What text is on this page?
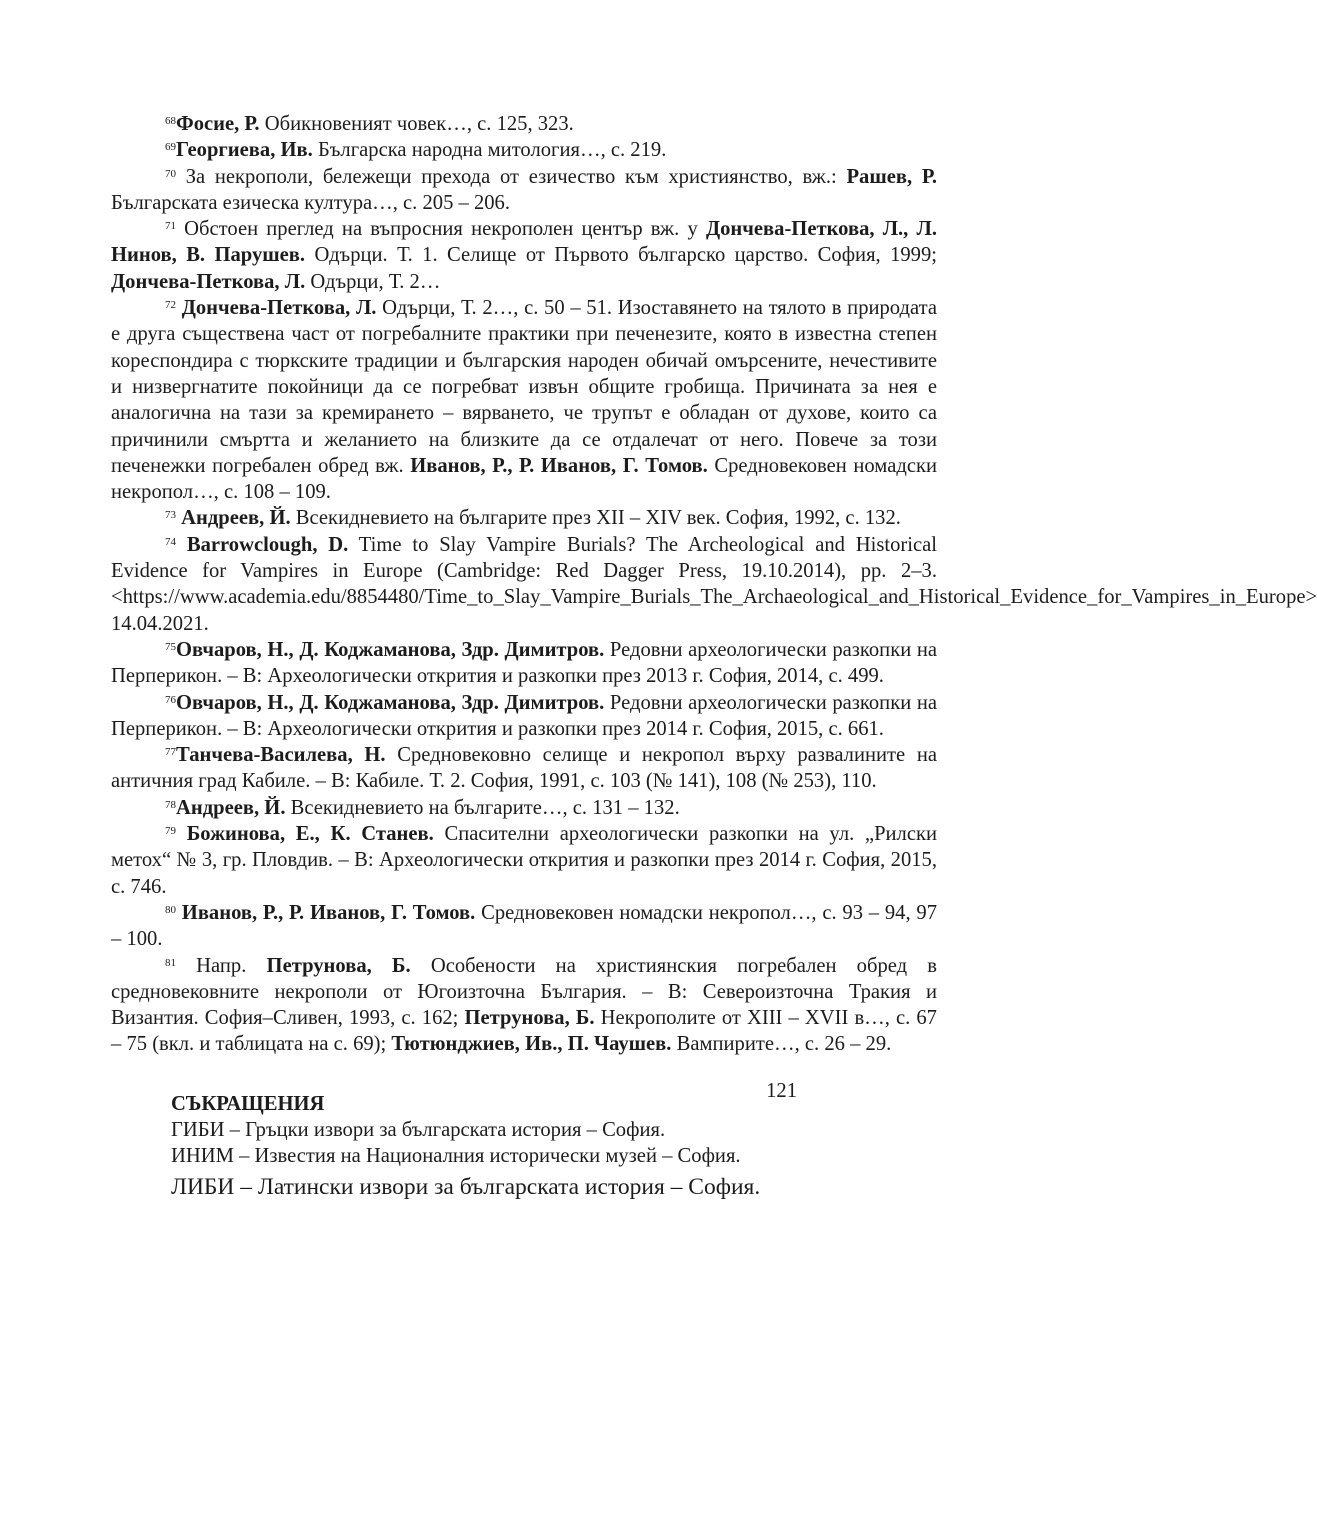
$^{68}$Фосие, Р. Обикновеният човек…, с. 125, 323.

$^{69}$Георгиева, Ив. Българска народна митология…, с. 219.

$^{70}$ За некрополи, бележещи прехода от езичество към християнство, вж.: Рашев, Р. Българската езическа култура…, с. 205 – 206.

$^{71}$ Обстоен преглед на въпросния некрополен център вж. у Дончева-Петкова, Л., Л. Нинов, В. Парушев. Одърци. Т. 1. Селище от Първото българско царство. София, 1999; Дончева-Петкова, Л. Одърци, Т. 2…

$^{72}$ Дончева-Петкова, Л. Одърци, Т. 2…, с. 50 – 51. Изоставянето на тялото в природата е друга съществена част от погребалните практики при печенезите, която в известна степен кореспондира с тюркските традиции и българския народен обичай омърсените, нечестивите и низвергнатите покойници да се погребват извън общите гробища. Причината за нея е аналогична на тази за кремирането – вярването, че трупът е обладан от духове, които са причинили смъртта и желанието на близките да се отдалечат от него. Повече за този печенежки погребален обред вж. Иванов, Р., Р. Иванов, Г. Томов. Средновековен номадски некропол…, с. 108 – 109.

$^{73}$ Андреев, Й. Всекидневието на българите през XII – XIV век. София, 1992, с. 132.

$^{74}$ Barrowclough, D. Time to Slay Vampire Burials? The Archeological and Historical Evidence for Vampires in Europe (Cambridge: Red Dagger Press, 19.10.2014), pp. 2–3. <https://www.academia.edu/8854480/Time_to_Slay_Vampire_Burials_The_Archaeological_and_Historical_Evidence_for_Vampires_in_Europe> 14.04.2021.

$^{75}$Овчаров, Н., Д. Коджаманова, Здр. Димитров. Редовни археологически разкопки на Перперикон. – В: Археологически открития и разкопки през 2013 г. София, 2014, с. 499.

$^{76}$Овчаров, Н., Д. Коджаманова, Здр. Димитров. Редовни археологически разкопки на Перперикон. – В: Археологически открития и разкопки през 2014 г. София, 2015, с. 661.

$^{77}$Танчева-Василева, Н. Средновековно селище и некропол върху развалините на античния град Кабиле. – В: Кабиле. Т. 2. София, 1991, с. 103 (№ 141), 108 (№ 253), 110.

$^{78}$Андреев, Й. Всекидневието на българите…, с. 131 – 132.

$^{79}$ Божинова, Е., К. Станев. Спасителни археологически разкопки на ул. „Рилски метох“ № 3, гр. Пловдив. – В: Археологически открития и разкопки през 2014 г. София, 2015, с. 746.

$^{80}$ Иванов, Р., Р. Иванов, Г. Томов. Средновековен номадски некропол…, с. 93 – 94, 97 – 100.

$^{81}$ Напр. Петрунова, Б. Особености на християнския погребален обред в средновековните некрополи от Югоизточна България. – В: Североизточна Тракия и Византия. София–Сливен, 1993, с. 162; Петрунова, Б. Некрополите от XIII – XVII в…, с. 67 – 75 (вкл. и таблицата на с. 69); Тютюнджиев, Ив., П. Чаушев. Вампирите…, с. 26 – 29.

СЪКРАЩЕНИЯ

ГИБИ – Гръцки извори за българската история – София.

ИНИМ – Известия на Националния исторически музей – София.

ЛИБИ – Латински извори за българската история – София.

121
